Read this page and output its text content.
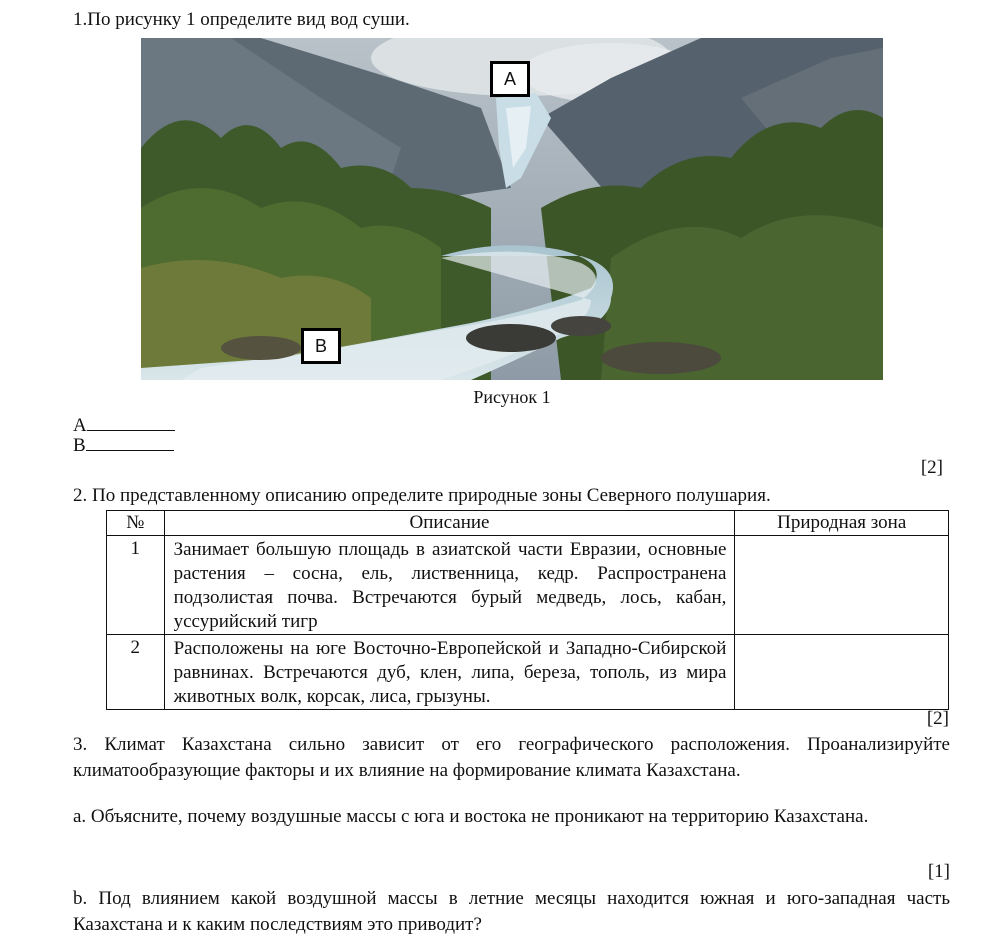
1.По рисунку 1 определите вид вод суши.
A
B
Рисунок 1
A
B
[2]
2. По представленному описанию определите природные зоны Северного полушария.
№	Описание	Природная зона
1	Занимает большую площадь в азиатской части Евразии, основные растения – сосна, ель, лиственница, кедр. Распространена подзолистая почва. Встречаются бурый медведь, лось, кабан, уссурийский тигр	
2	Расположены на юге Восточно-Европейской и Западно-Сибирской равнинах. Встречаются дуб, клен, липа, береза, тополь, из мира животных волк, корсак, лиса, грызуны.	
[2]
3. Климат Казахстана сильно зависит от его географического расположения. Проанализируйте климатообразующие факторы и их влияние на формирование климата Казахстана.
a. Объясните, почему воздушные массы с юга и востока не проникают на территорию Казахстана.
[1]
b. Под влиянием какой воздушной массы в летние месяцы находится южная и юго-западная часть Казахстана и к каким последствиям это приводит?
